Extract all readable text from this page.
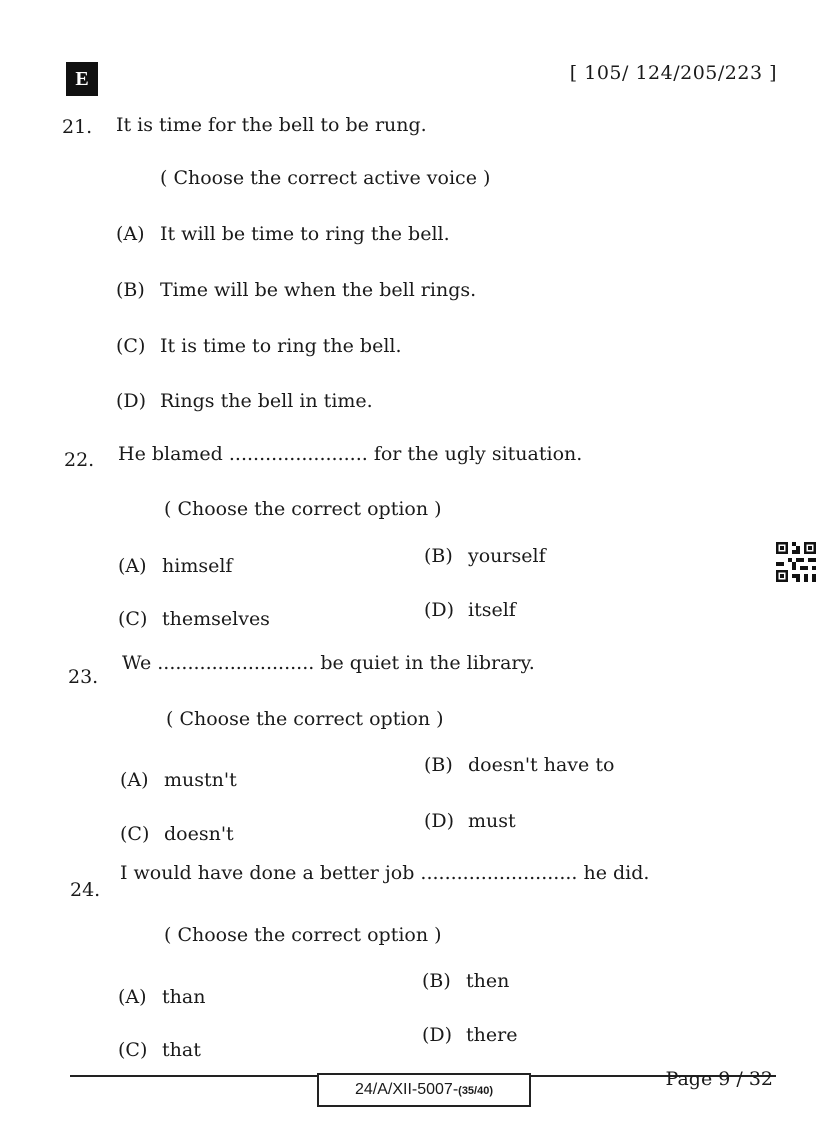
E	[ 105/ 124/205/223 ]
21. It is time for the bell to be rung.
( Choose the correct active voice )
(A) It will be time to ring the bell.
(B) Time will be when the bell rings.
(C) It is time to ring the bell.
(D) Rings the bell in time.
22. He blamed ....................... for the ugly situation.
( Choose the correct option )
(A) himself	(B) yourself
(C) themselves	(D) itself
23.
We .......................... be quiet in the library.
( Choose the correct option )
(A) mustn't
(B) doesn't have to
(C) doesn't
(D) must
24.
I would have done a better job .......................... he did.
( Choose the correct option )
(A) than
(B) then
(C) that
(D) there
24/A/XII-5007-(35/40)
Page 9 / 32
